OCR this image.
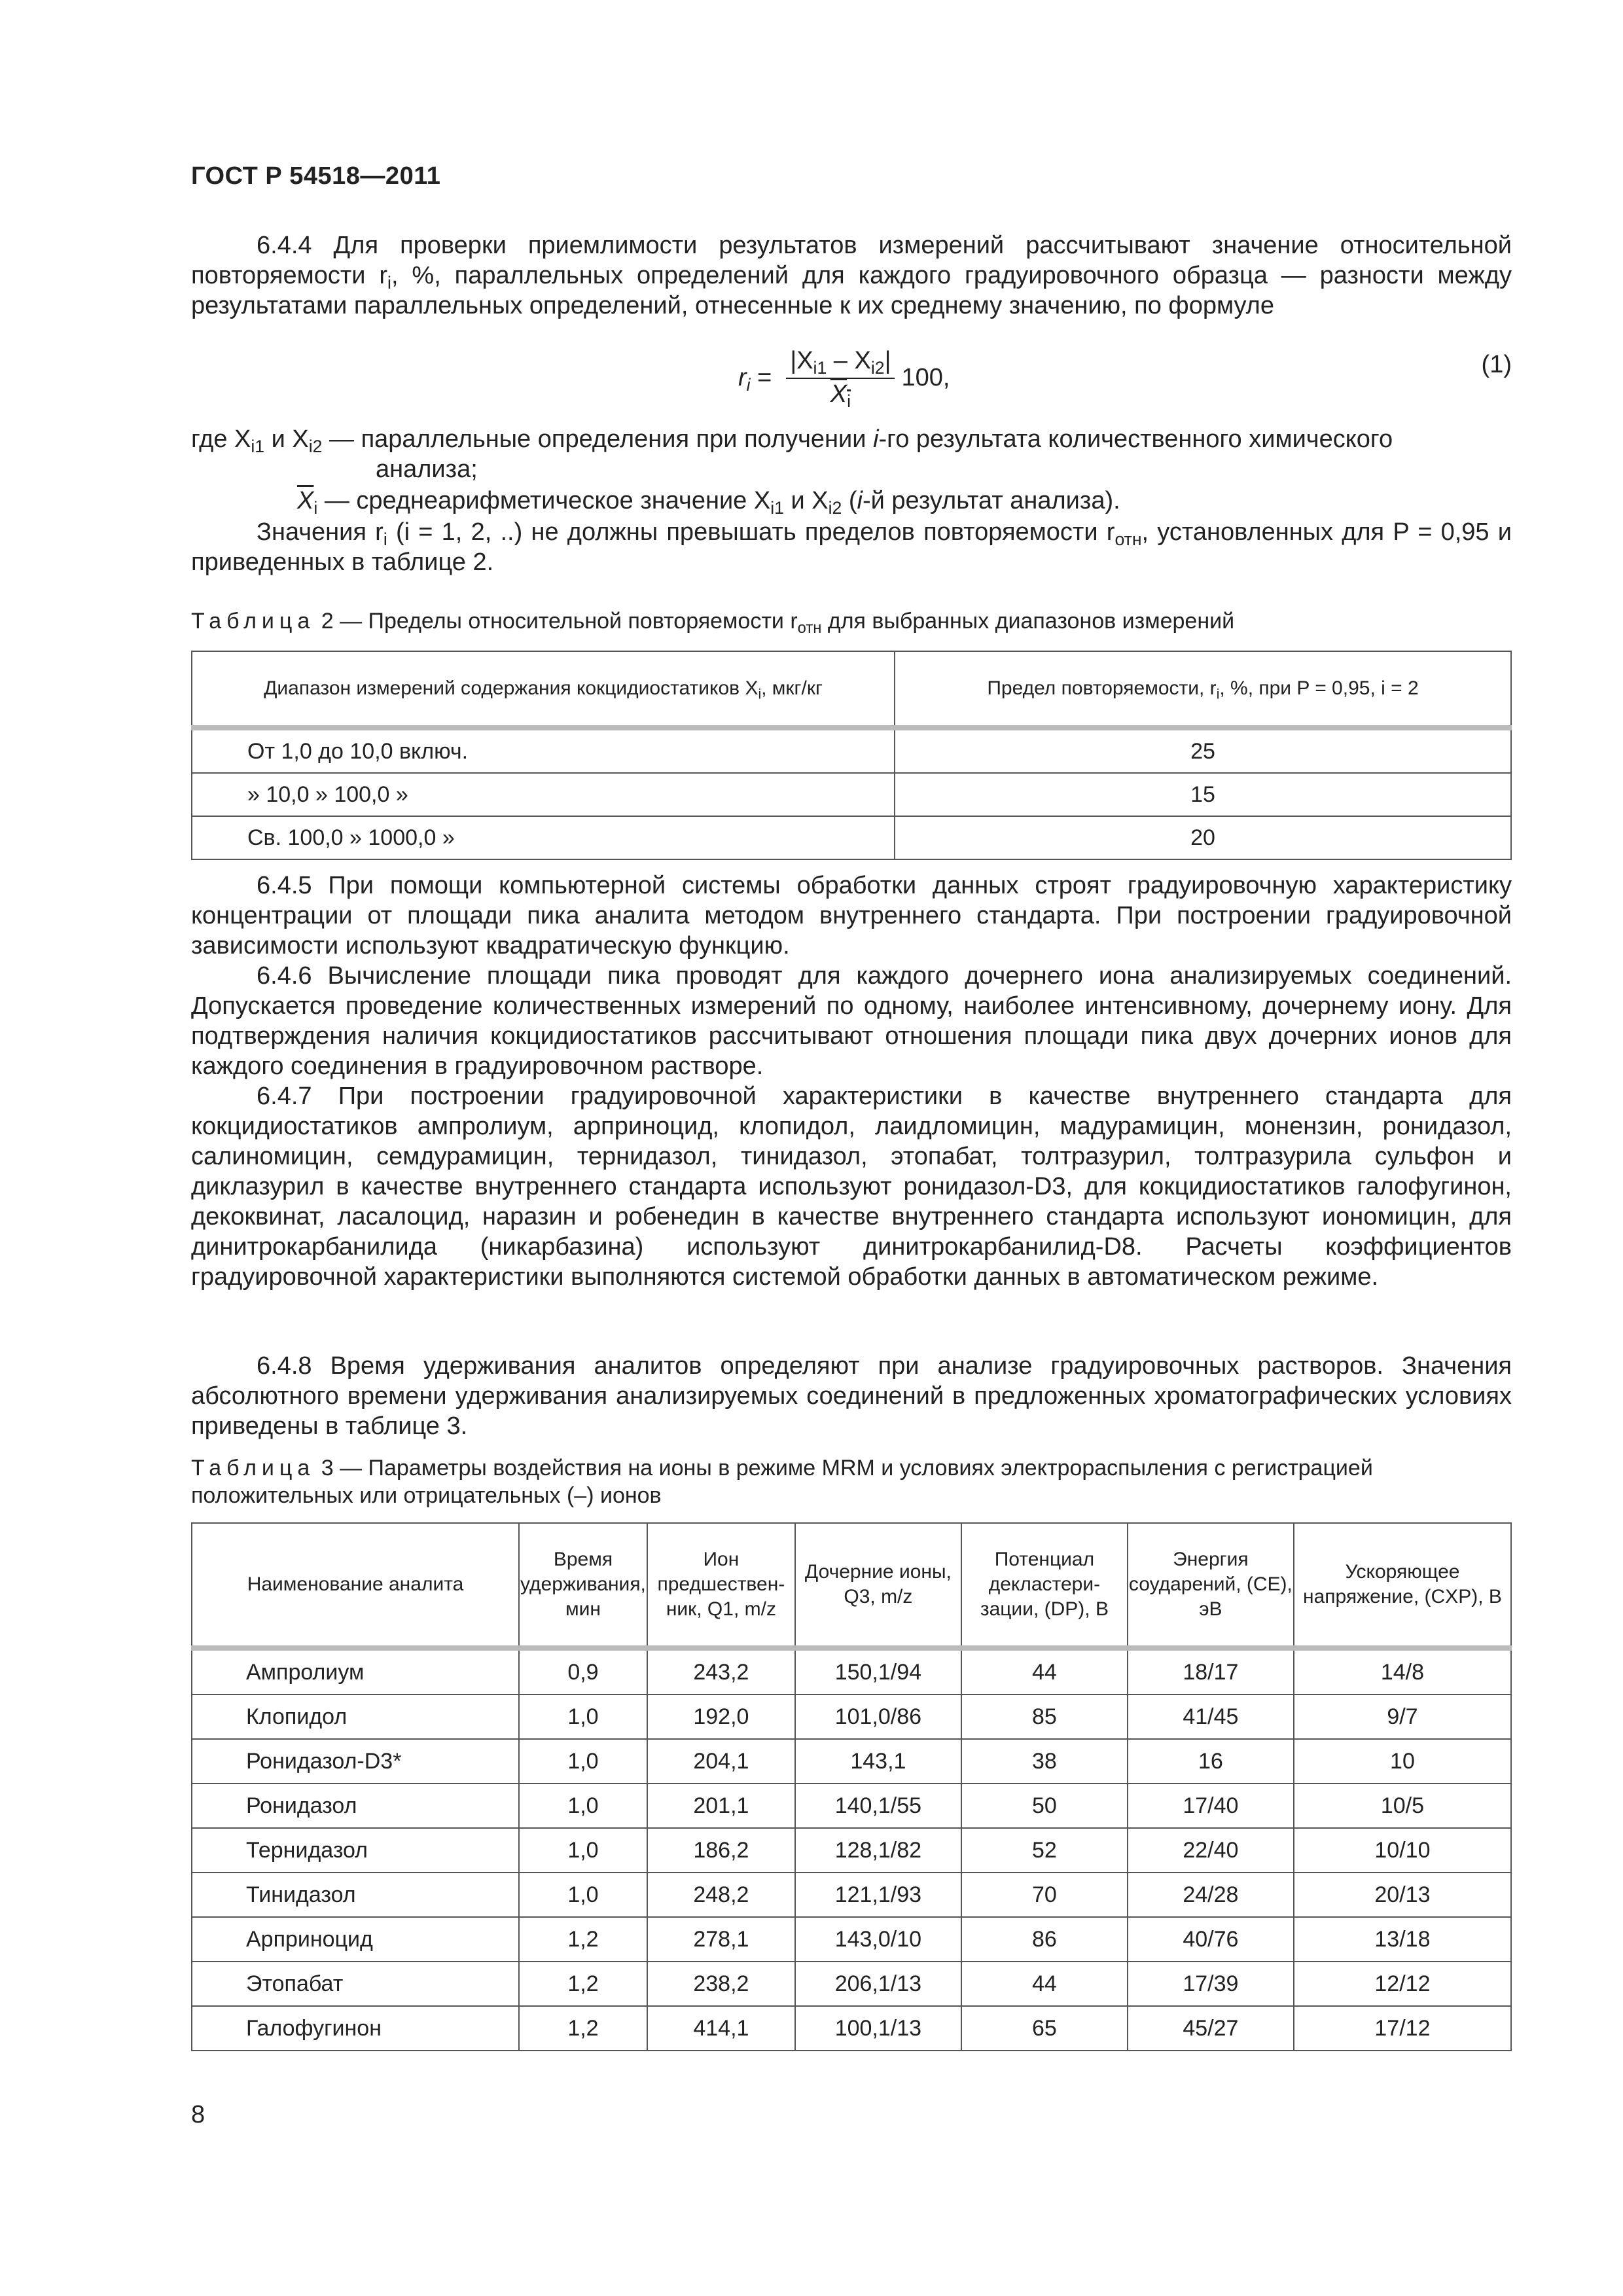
ГОСТ Р 54518—2011
6.4.4 Для проверки приемлимости результатов измерений рассчитывают значение относительной повторяемости $r_i$, %, параллельных определений для каждого градуировочного образца — разности между результатами параллельных определений, отнесенные к их среднему значению, по формуле
$r_i = \frac{|X_{i1} - X_{i2}|}{X_i} 100$,	(1)
где $X_{i1}$ и $X_{i2}$ — параллельные определения при получении i-го результата количественного химического
анализа;
$\overline{X}_i$ — среднеарифметическое значение $X_{i1}$ и $X_{i2}$ (i-й результат анализа).
Значения $r_i$ (i = 1, 2, ..) не должны превышать пределов повторяемости $r_{отн}$, установленных для P = 0,95 и приведенных в таблице 2.
Таблица 2 — Пределы относительной повторяемости $r_{отн}$ для выбранных диапазонов измерений
Диапазон измерений содержания кокцидиостатиков $X_i$, мкг/кг	Предел повторяемости, $r_i$, %, при P = 0,95, i = 2
От 1,0 до 10,0 включ.	25
» 10,0 » 100,0 »	15
Св. 100,0 » 1000,0 »	20
6.4.5 При помощи компьютерной системы обработки данных строят градуировочную характеристику концентрации от площади пика аналита методом внутреннего стандарта. При построении градуировочной зависимости используют квадратическую функцию.
6.4.6 Вычисление площади пика проводят для каждого дочернего иона анализируемых соединений. Допускается проведение количественных измерений по одному, наиболее интенсивному, дочернему иону. Для подтверждения наличия кокцидиостатиков рассчитывают отношения площади пика двух дочерних ионов для каждого соединения в градуировочном растворе.
6.4.7 При построении градуировочной характеристики в качестве внутреннего стандарта для кокцидиостатиков ампролиум, арприноцид, клопидол, лаидломицин, мадурамицин, монензин, ронидазол, салиномицин, семдурамицин, тернидазол, тинидазол, этопабат, толтразурил, толтразурила сульфон и диклазурил в качестве внутреннего стандарта используют ронидазол-D3, для кокцидиостатиков галофугинон, декоквинат, ласалоцид, наразин и робенедин в качестве внутреннего стандарта используют иономицин, для динитрокарбанилида (никарбазина) используют динитрокарбанилид-D8. Расчеты коэффициентов градуировочной характеристики выполняются системой обработки данных в автоматическом режиме.
6.4.8 Время удерживания аналитов определяют при анализе градуировочных растворов. Значения абсолютного времени удерживания анализируемых соединений в предложенных хроматографических условиях приведены в таблице 3.
Таблица 3 — Параметры воздействия на ионы в режиме MRM и условиях электрораспыления с регистрацией положительных или отрицательных (–) ионов
Наименование аналита	Время удерживания, мин	Ион предшествен-ник, Q1, m/z	Дочерние ионы, Q3, m/z	Потенциал декластери-зации, (DP), В	Энергия соударений, (CE), эВ	Ускоряющее напряжение, (CXP), В
Ампролиум	0,9	243,2	150,1/94	44	18/17	14/8
Клопидол	1,0	192,0	101,0/86	85	41/45	9/7
Ронидазол-D3*	1,0	204,1	143,1	38	16	10
Ронидазол	1,0	201,1	140,1/55	50	17/40	10/5
Тернидазол	1,0	186,2	128,1/82	52	22/40	10/10
Тинидазол	1,0	248,2	121,1/93	70	24/28	20/13
Арприноцид	1,2	278,1	143,0/10	86	40/76	13/18
Этопабат	1,2	238,2	206,1/13	44	17/39	12/12
Галофугинон	1,2	414,1	100,1/13	65	45/27	17/12
8
